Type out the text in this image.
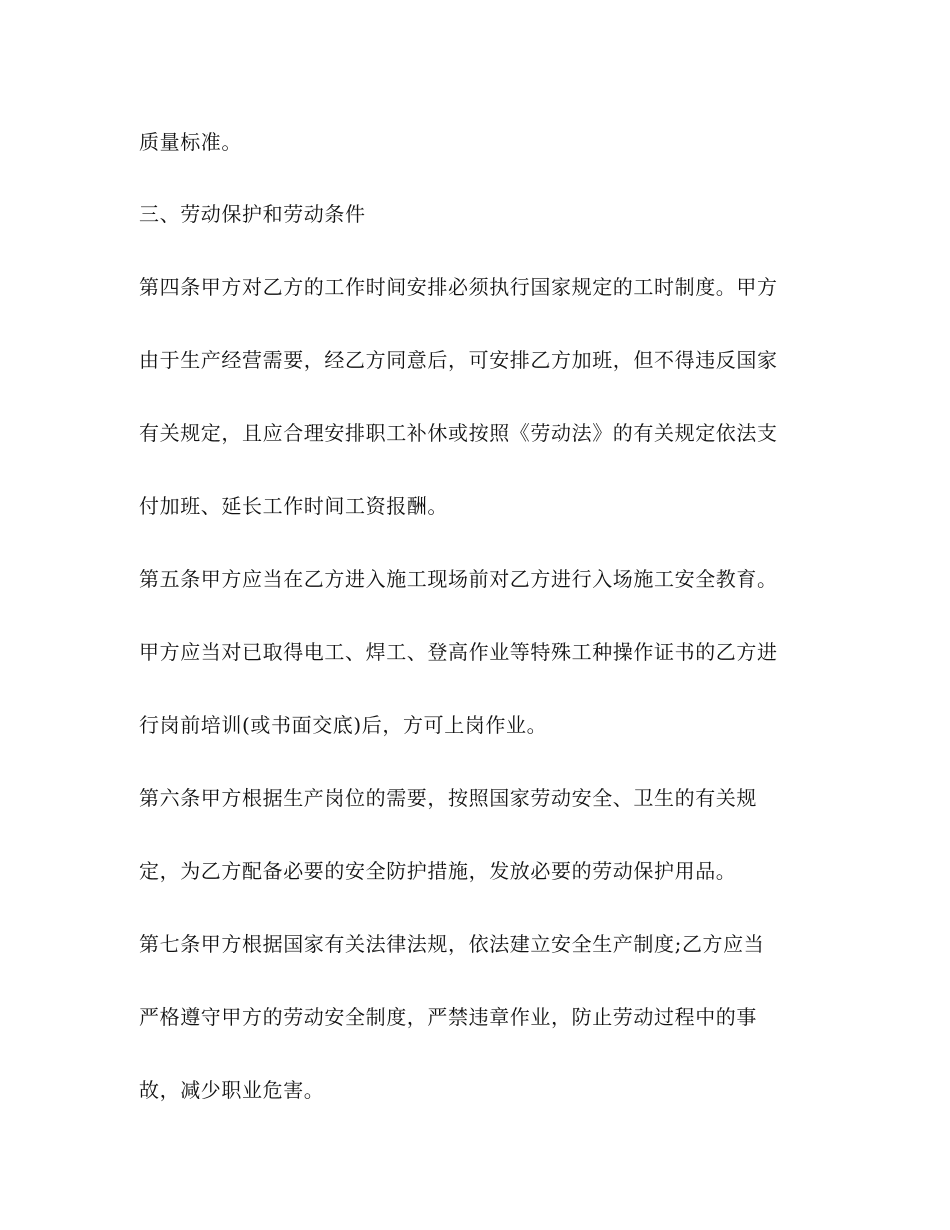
质量标准。
三、劳动保护和劳动条件
第四条甲方对乙方的工作时间安排必须执行国家规定的工时制度。甲方
由于生产经营需要，经乙方同意后，可安排乙方加班，但不得违反国家
有关规定，且应合理安排职工补休或按照《劳动法》的有关规定依法支
付加班、延长工作时间工资报酬。
第五条甲方应当在乙方进入施工现场前对乙方进行入场施工安全教育。
甲方应当对已取得电工、焊工、登高作业等特殊工种操作证书的乙方进
行岗前培训(或书面交底)后，方可上岗作业。
第六条甲方根据生产岗位的需要，按照国家劳动安全、卫生的有关规
定，为乙方配备必要的安全防护措施，发放必要的劳动保护用品。
第七条甲方根据国家有关法律法规，依法建立安全生产制度;乙方应当
严格遵守甲方的劳动安全制度，严禁违章作业，防止劳动过程中的事
故，减少职业危害。
